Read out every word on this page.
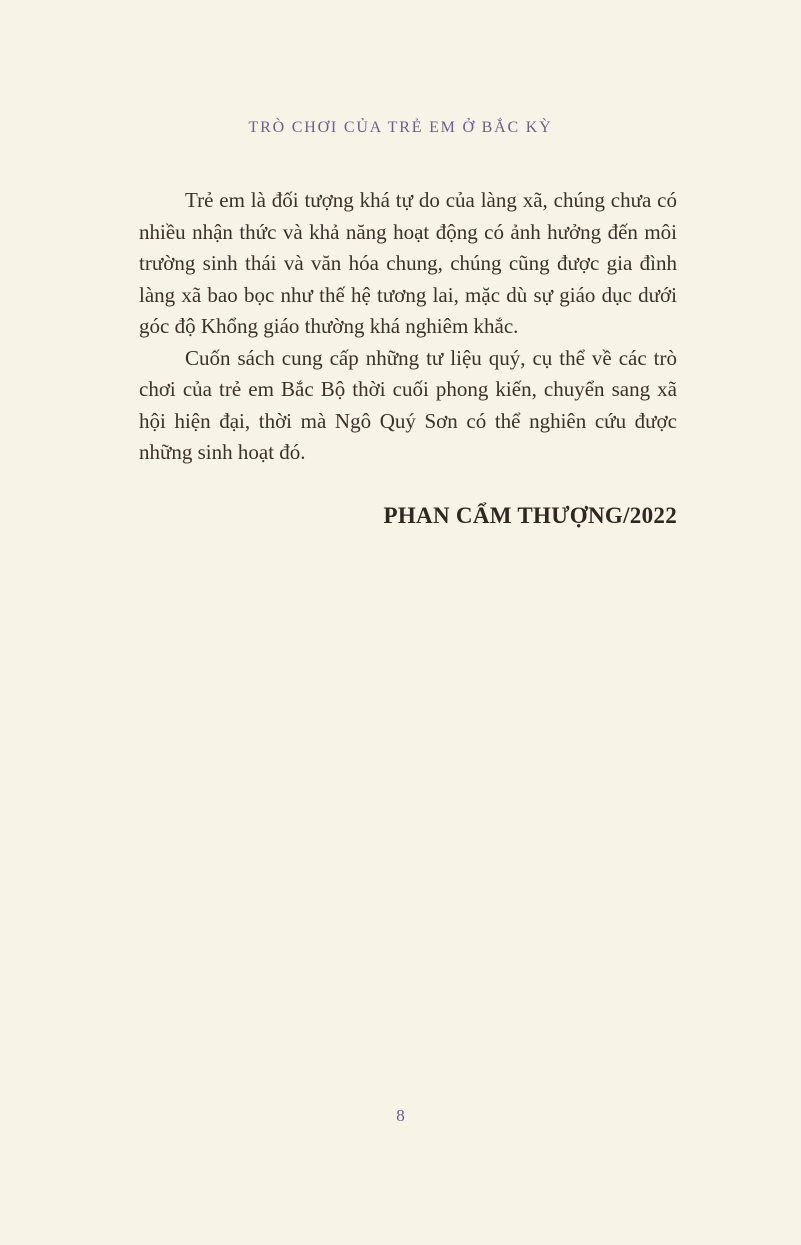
TRÒ CHƠI CỦA TRẺ EM Ở BẮC KỲ

Trẻ em là đối tượng khá tự do của làng xã, chúng chưa có nhiều nhận thức và khả năng hoạt động có ảnh hưởng đến môi trường sinh thái và văn hóa chung, chúng cũng được gia đình làng xã bao bọc như thế hệ tương lai, mặc dù sự giáo dục dưới góc độ Khổng giáo thường khá nghiêm khắc.

Cuốn sách cung cấp những tư liệu quý, cụ thể về các trò chơi của trẻ em Bắc Bộ thời cuối phong kiến, chuyển sang xã hội hiện đại, thời mà Ngô Quý Sơn có thể nghiên cứu được những sinh hoạt đó.

PHAN CẨM THƯỢNG/2022
8
